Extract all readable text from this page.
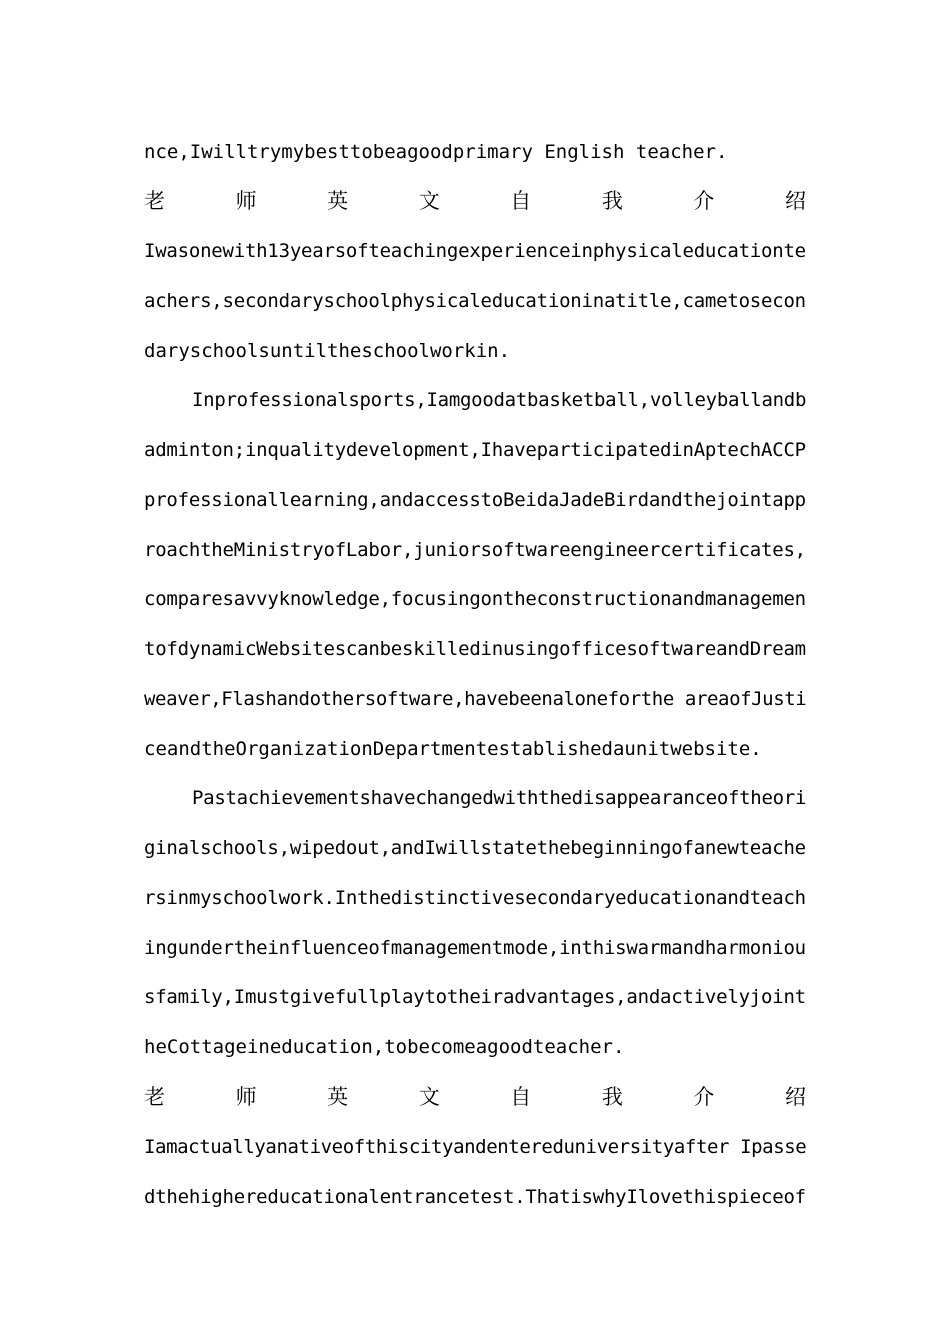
nce,Iwilltrymybesttobeagoodprimary English teacher.
老	师	英	文	自	我	介	绍
Iwasonewith13yearsofteachingexperienceinphysicaleducationte
achers,secondaryschoolphysicaleducationinatitle,cametosecon
daryschoolsuntiltheschoolworkin.
Inprofessionalsports,Iamgoodatbasketball,volleyballandb
adminton;inqualitydevelopment,IhaveparticipatedinAptechACCP
professionallearning,andaccesstoBeidaJadeBirdandthejointapp
roachtheMinistryofLabor,juniorsoftwareengineercertificates,
comparesavvyknowledge,focusingontheconstructionandmanagemen
tofdynamicWebsitescanbeskilledinusingofficesoftwareandDream
weaver,Flashandothersoftware,havebeenaloneforthe areaofJusti
ceandtheOrganizationDepartmentestablishedaunitwebsite.
Pastachievementshavechangedwiththedisappearanceoftheori
ginalschools,wipedout,andIwillstatethebeginningofanewteache
rsinmyschoolwork.Inthedistinctivesecondaryeducationandteach
ingundertheinfluenceofmanagementmode,inthiswarmandharmoniou
sfamily,Imustgivefullplaytotheiradvantages,andactivelyjoint
heCottageineducation,tobecomeagoodteacher.
老	师	英	文	自	我	介	绍
Iamactuallyanativeofthiscityandentereduniversityafter Ipasse
dthehighereducationalentrancetest.ThatiswhyIlovethispieceof
